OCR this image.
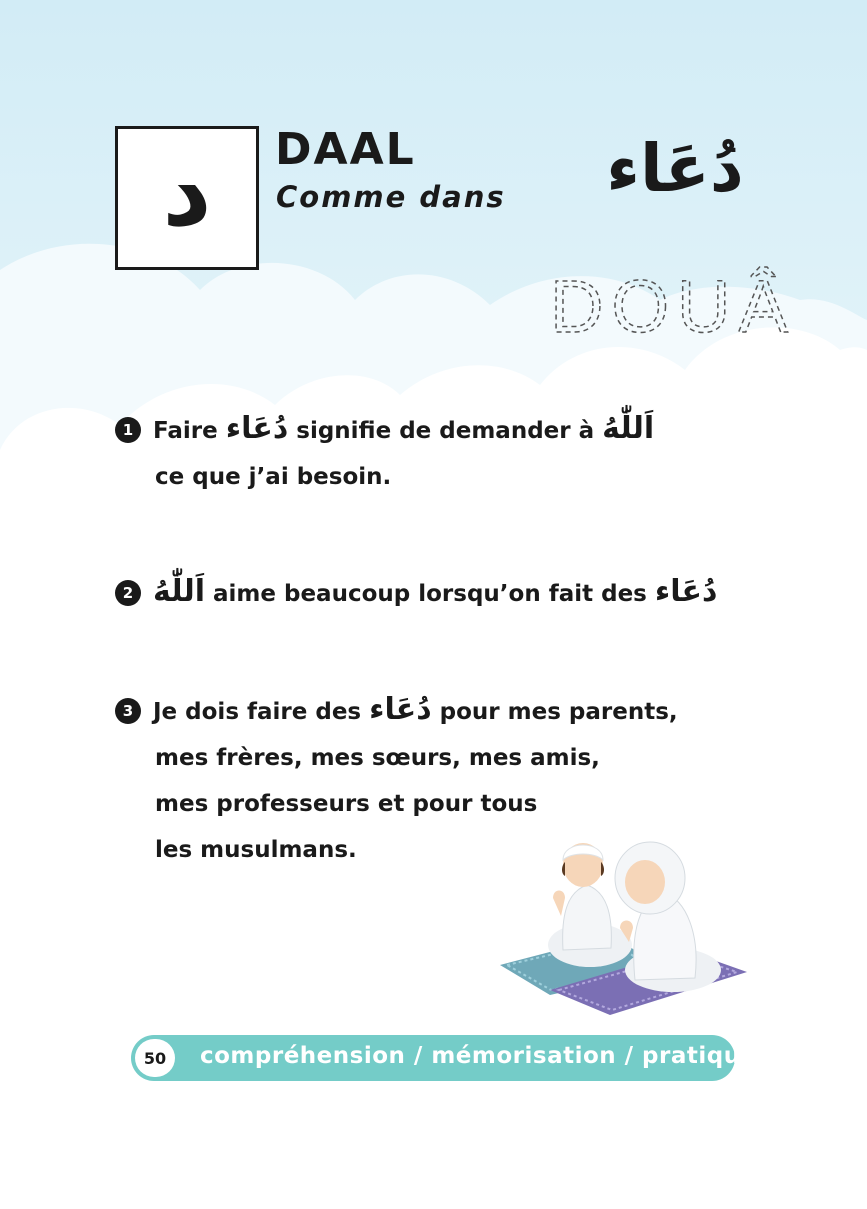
د DAAL

Comme dans دُعَاء
DOUÂ
1 Faire دُعَاء signifie de demander à اَللّٰهُ
ce que j’ai besoin.
2 اَللّٰهُ aime beaucoup lorsqu’on fait des دُعَاء
3 Je dois faire des دُعَاء pour mes parents,
mes frères, mes sœurs, mes amis,
mes professeurs et pour tous
les musulmans.
50	compréhension / mémorisation / pratique
